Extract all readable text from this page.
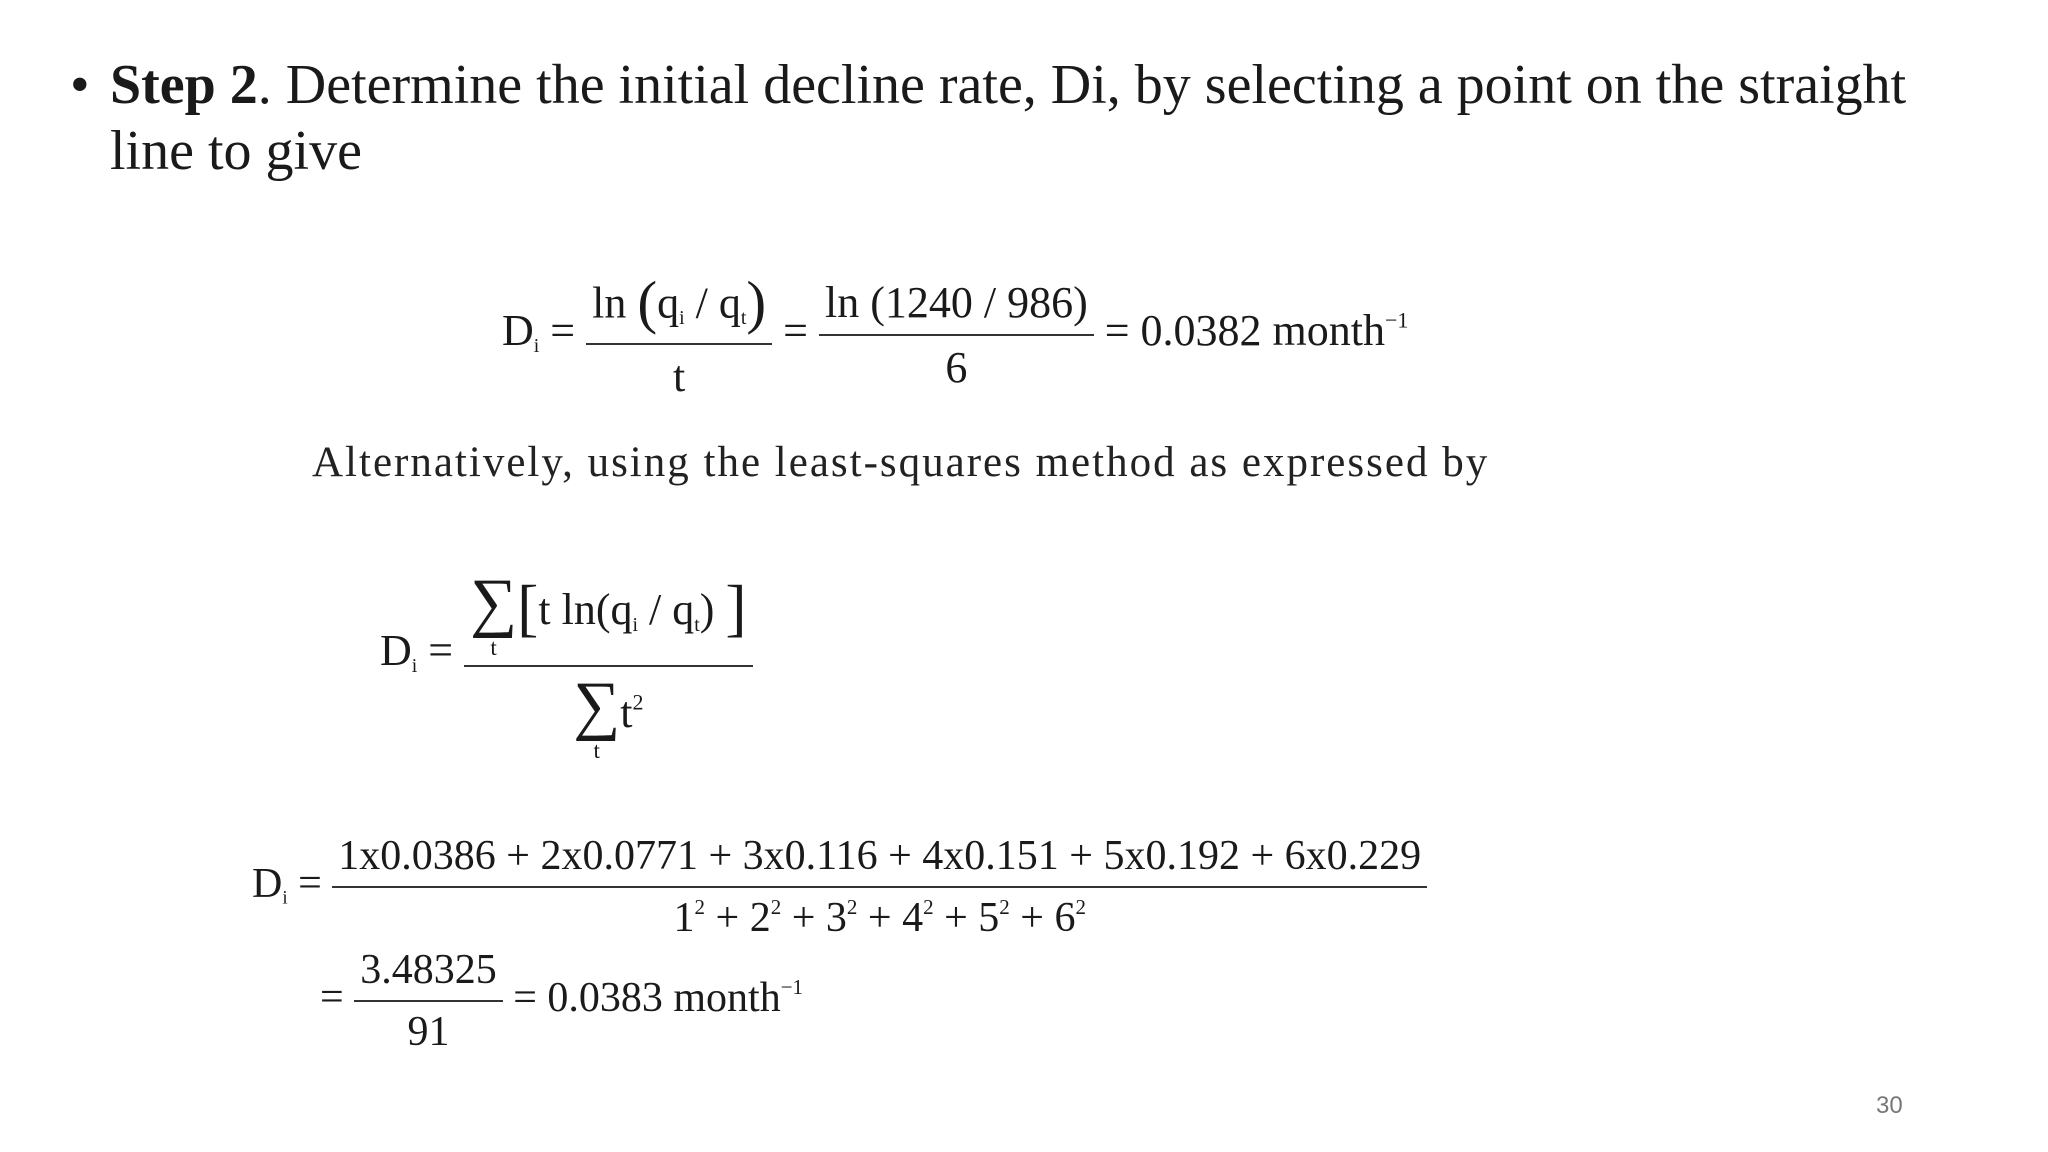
• Step 2. Determine the initial decline rate, Di, by selecting a point on the straight line to give
$D_i = \frac{\ln (q_i / q_t)}{t} = \frac{\ln (1240 / 986)}{6} = 0.0382$ month$^{-1}$
Alternatively, using the least-squares method as expressed by
$D_i$ = ∑
t
[t $\ln(q_i / q_t)$ ]
∑
t
$t^2$
$D_i = \frac{1x0.0386 + 2x0.0771 + 3x0.116 + 4x0.151 + 5x0.192 + 6x0.229}{1^2 + 2^2 + 3^2 + 4^2 + 5^2 + 6^2}$
= $\frac{3.48325}{91} = 0.0383$ month$^{-1}$
30
